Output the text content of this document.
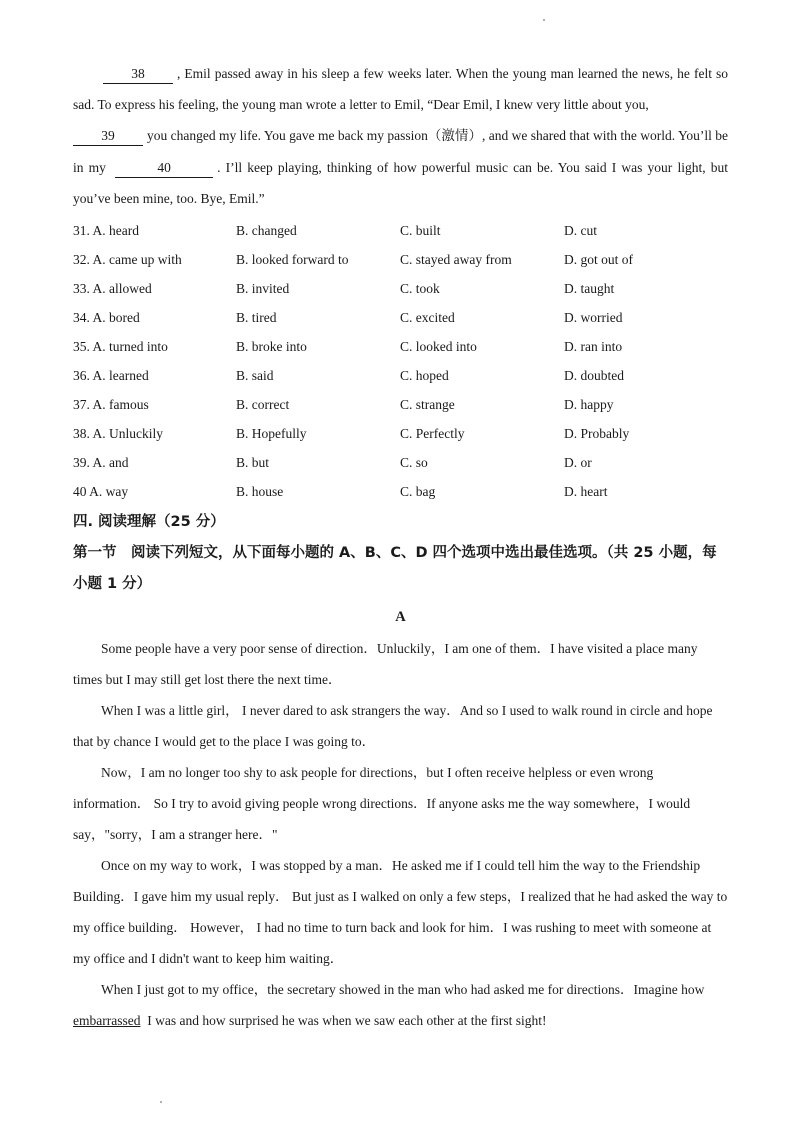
38 , Emil passed away in his sleep a few weeks later. When the young man learned the news, he felt so sad. To express his feeling, the young man wrote a letter to Emil, “Dear Emil, I knew very little about you,
39 you changed my life. You gave me back my passion（激情）, and we shared that with the world. You’ll be in my	40	. I’ll keep playing, thinking of how powerful music can be. You said I was your light, but you’ve been mine, too. Bye, Emil.”

31. A. heard	B. changed	C. built	D. cut
32. A. came up with	B. looked forward to	C. stayed away from	D. got out of
33. A. allowed	B. invited	C. took	D. taught
34. A. bored	B. tired	C. excited	D. worried
35. A. turned into	B. broke into	C. looked into	D. ran into
36. A. learned	B. said	C. hoped	D. doubted
37. A. famous	B. correct	C. strange	D. happy
38. A. Unluckily	B. Hopefully	C. Perfectly	D. Probably
39. A. and	B. but	C. so	D. or
40 A. way	B. house	C. bag	D. heart

四. 阅读理解（25 分）

第一节　阅读下列短文，从下面每小题的 A、B、C、D 四个选项中选出最佳选项。（共 25 小题，每小题 1 分）

A

Some people have a very poor sense of direction．Unluckily，I am one of them．I have visited a place many times but I may still get lost there the next time．

When I was a little girl， I never dared to ask strangers the way．And so I used to walk round in circle and hope that by chance I would get to the place I was going to．

Now，I am no longer too shy to ask people for directions，but I often receive helpless or even wrong information． So I try to avoid giving people wrong directions．If anyone asks me the way somewhere，I would say，"sorry，I am a stranger here．"

Once on my way to work，I was stopped by a man．He asked me if I could tell him the way to the Friendship Building．I gave him my usual reply． But just as I walked on only a few steps，I realized that he had asked the way to my office building． However， I had no time to turn back and look for him．I was rushing to meet with someone at my office and I didn't want to keep him waiting．

When I just got to my office，the secretary showed in the man who had asked me for directions．Imagine how  embarrassed I was and how surprised he was when we saw each other at the first sight!
